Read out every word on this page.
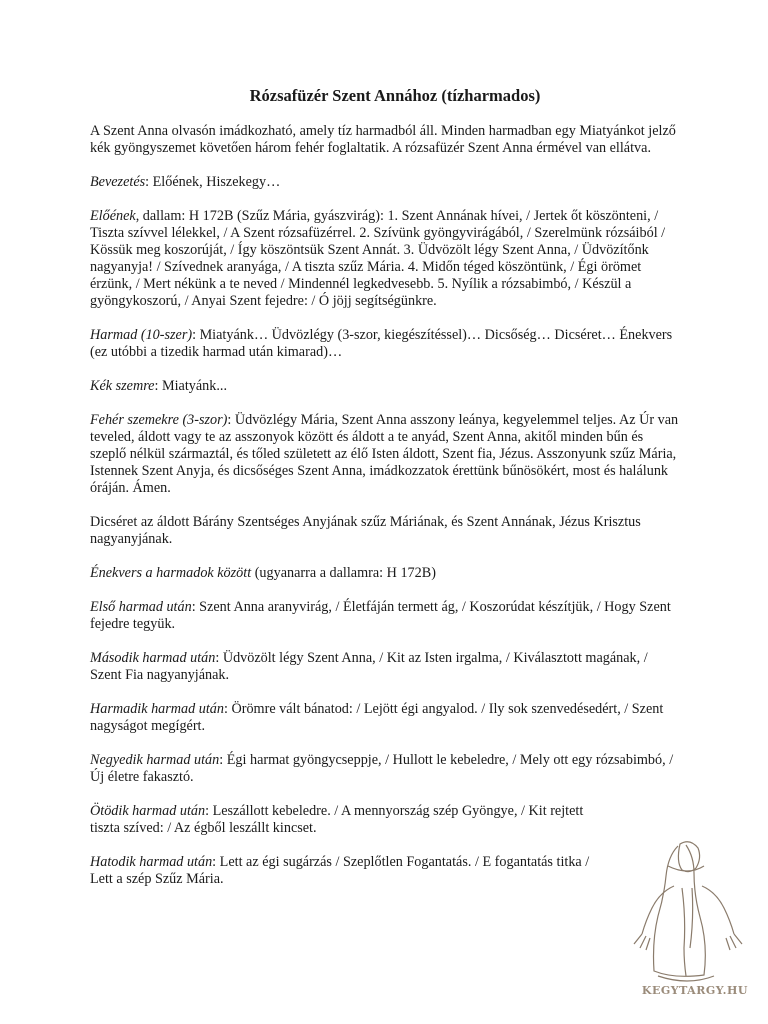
Rózsafüzér Szent Annához (tízharmados)

A Szent Anna olvasón imádkozható, amely tíz harmadból áll. Minden harmadban egy Miatyánkot jelző kék gyöngyszemet követően három fehér foglaltatik. A rózsafüzér Szent Anna érmével van ellátva.

Bevezetés: Előének, Hiszekegy…

Előének, dallam: H 172B (Szűz Mária, gyászvirág): 1. Szent Annának hívei, / Jertek őt köszönteni, / Tiszta szívvel lélekkel, / A Szent rózsafüzérrel. 2. Szívünk gyöngyvirágából, / Szerelmünk rózsáiból / Kössük meg koszorúját, / Így köszöntsük Szent Annát. 3. Üdvözölt légy Szent Anna, / Üdvözítőnk nagyanyja! / Szívednek aranyága, / A tiszta szűz Mária. 4. Midőn téged köszöntünk, / Égi örömet érzünk, / Mert nékünk a te neved / Mindennél legkedvesebb. 5. Nyílik a rózsabimbó, / Készül a gyöngykoszorú, / Anyai Szent fejedre: / Ó jöjj segítségünkre.

Harmad (10-szer): Miatyánk… Üdvözlégy (3-szor, kiegészítéssel)… Dicsőség… Dicséret… Énekvers (ez utóbbi a tizedik harmad után kimarad)…

Kék szemre: Miatyánk...

Fehér szemekre (3-szor): Üdvözlégy Mária, Szent Anna asszony leánya, kegyelemmel teljes. Az Úr van teveled, áldott vagy te az asszonyok között és áldott a te anyád, Szent Anna, akitől minden bűn és szeplő nélkül származtál, és tőled született az élő Isten áldott, Szent fia, Jézus. Asszonyunk szűz Mária, Istennek Szent Anyja, és dicsőséges Szent Anna, imádkozzatok érettünk bűnösökért, most és halálunk óráján. Ámen.

Dicséret az áldott Bárány Szentséges Anyjának szűz Máriának, és Szent Annának, Jézus Krisztus nagyanyjának.

Énekvers a harmadok között (ugyanarra a dallamra: H 172B)

Első harmad után: Szent Anna aranyvirág, / Életfáján termett ág, / Koszorúdat készítjük, / Hogy Szent fejedre tegyük.

Második harmad után: Üdvözölt légy Szent Anna, / Kit az Isten irgalma, / Kiválasztott magának, / Szent Fia nagyanyjának.

Harmadik harmad után: Örömre vált bánatod: / Lejött égi angyalod. / Ily sok szenvedésedért, / Szent nagyságot megígért.

Negyedik harmad után: Égi harmat gyöngycseppje, / Hullott le kebeledre, / Mely ott egy rózsabimbó, / Új életre fakasztó.

Ötödik harmad után: Leszállott kebeledre. / A mennyország szép Gyöngye, / Kit rejtett tiszta szíved: / Az égből leszállt kincset.

Hatodik harmad után: Lett az égi sugárzás / Szeplőtlen Fogantatás. / E fogantatás titka / Lett a szép Szűz Mária.

KEGYTARGY.HU
